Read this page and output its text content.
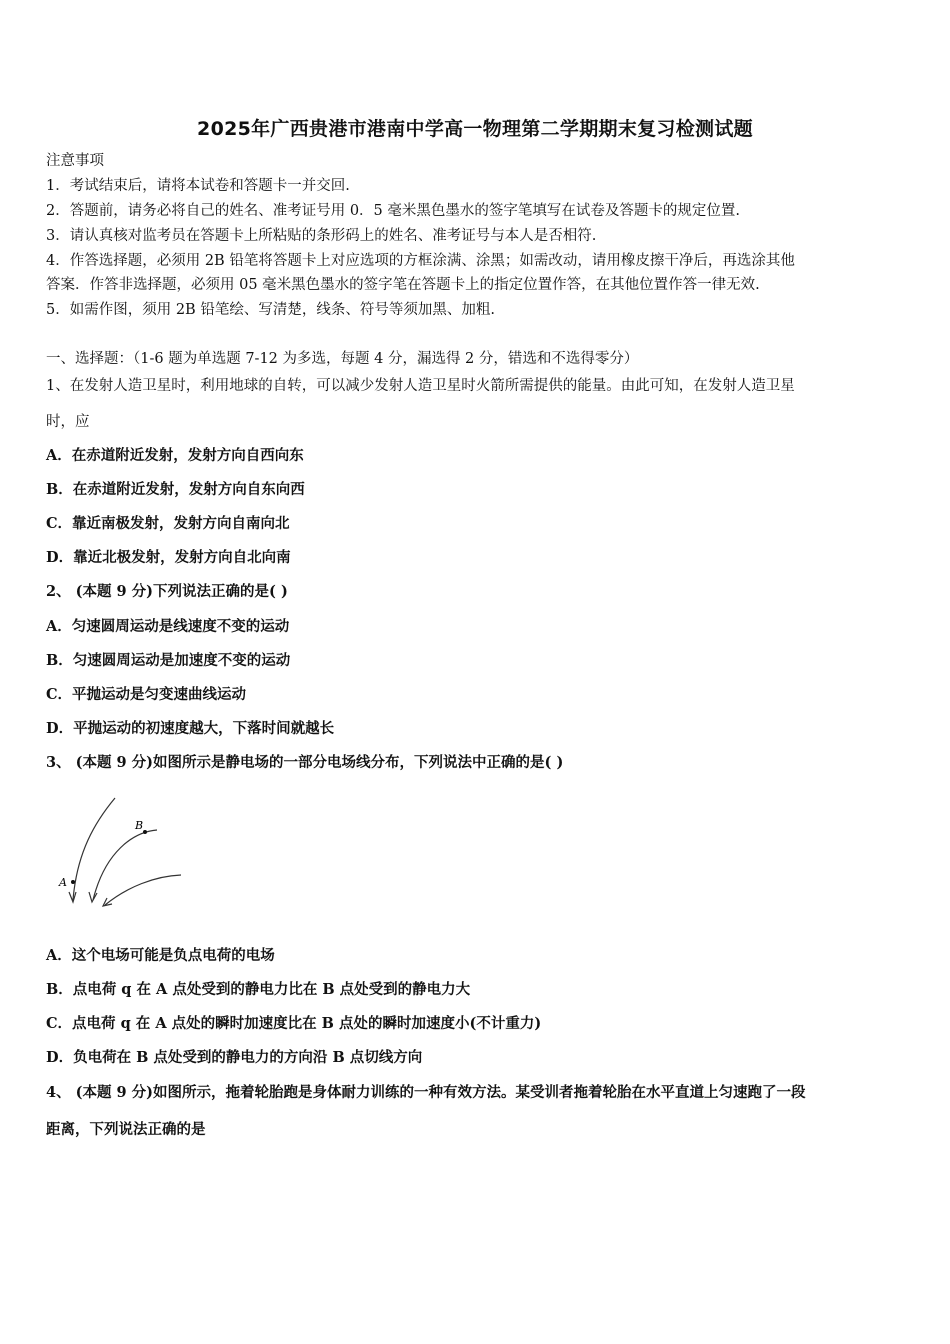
2025年广西贵港市港南中学高一物理第二学期期末复习检测试题
注意事项
1．考试结束后，请将本试卷和答题卡一并交回.
2．答题前，请务必将自己的姓名、准考证号用 0．5 毫米黑色墨水的签字笔填写在试卷及答题卡的规定位置.
3．请认真核对监考员在答题卡上所粘贴的条形码上的姓名、准考证号与本人是否相符.
4．作答选择题，必须用 2B 铅笔将答题卡上对应选项的方框涂满、涂黑；如需改动，请用橡皮擦干净后，再选涂其他
答案．作答非选择题，必须用 05 毫米黑色墨水的签字笔在答题卡上的指定位置作答，在其他位置作答一律无效.
5．如需作图，须用 2B 铅笔绘、写清楚，线条、符号等须加黑、加粗.
一、选择题：（1-6 题为单选题 7-12 为多选，每题 4 分，漏选得 2 分，错选和不选得零分）
1、在发射人造卫星时，利用地球的自转，可以减少发射人造卫星时火箭所需提供的能量。由此可知，在发射人造卫星
时，应
A．在赤道附近发射，发射方向自西向东
B．在赤道附近发射，发射方向自东向西
C．靠近南极发射，发射方向自南向北
D．靠近北极发射，发射方向自北向南
2、 (本题 9 分)下列说法正确的是( )
A．匀速圆周运动是线速度不变的运动
B．匀速圆周运动是加速度不变的运动
C．平抛运动是匀变速曲线运动
D．平抛运动的初速度越大，下落时间就越长
3、 (本题 9 分)如图所示是静电场的一部分电场线分布，下列说法中正确的是( )
A
B
A．这个电场可能是负点电荷的电场
B．点电荷 q 在 A 点处受到的静电力比在 B 点处受到的静电力大
C．点电荷 q 在 A 点处的瞬时加速度比在 B 点处的瞬时加速度小(不计重力)
D．负电荷在 B 点处受到的静电力的方向沿 B 点切线方向
4、 (本题 9 分)如图所示，拖着轮胎跑是身体耐力训练的一种有效方法。某受训者拖着轮胎在水平直道上匀速跑了一段
距离，下列说法正确的是
